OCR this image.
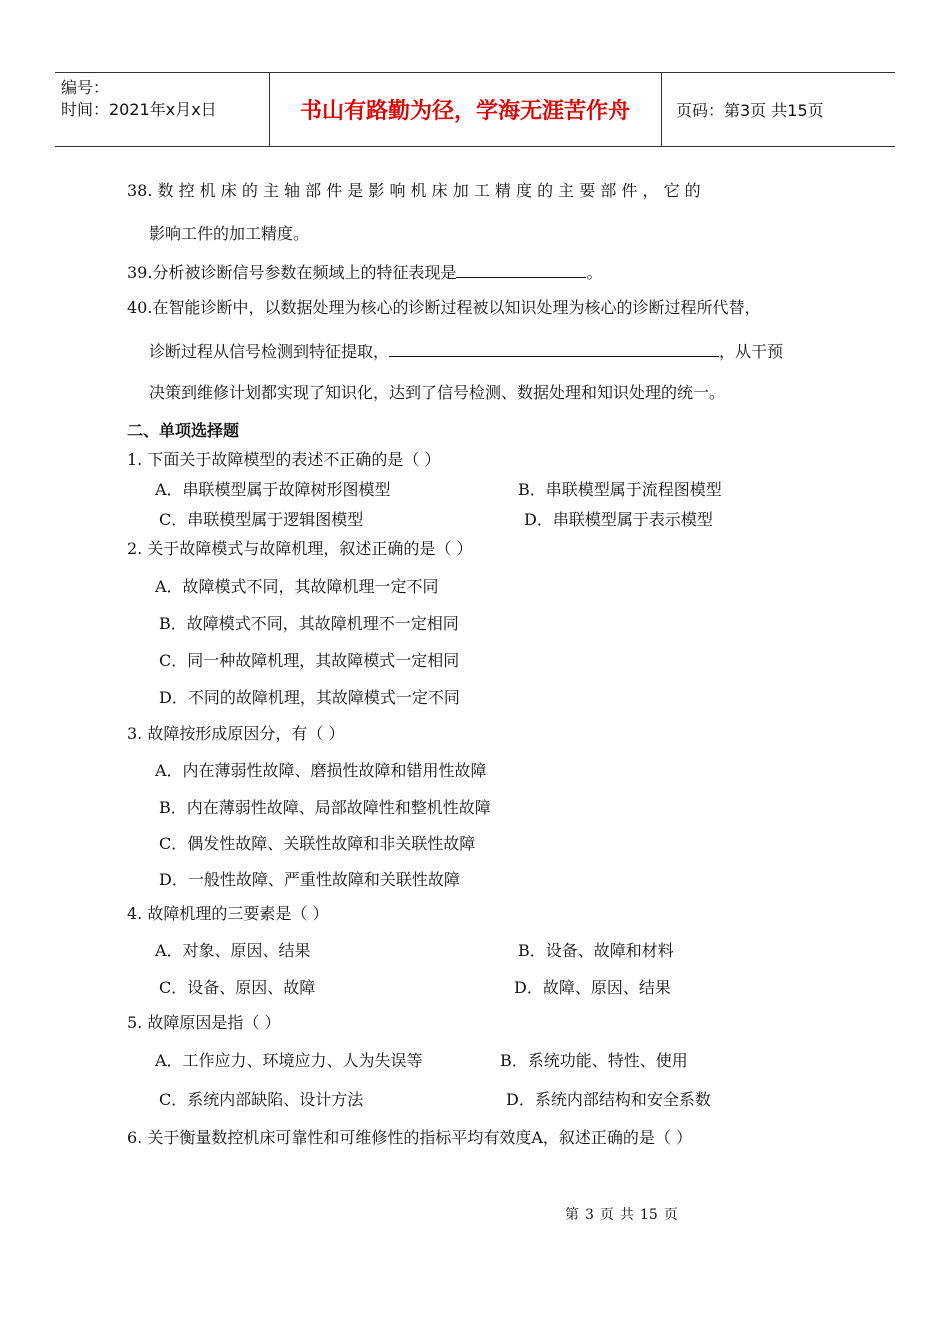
编号：
时间：2021年x月x日	书山有路勤为径，学海无涯苦作舟	页码：第3页 共15页
38. 数 控 机 床 的 主 轴 部 件 是 影 响 机 床 加 工 精 度 的 主 要 部 件 ， 它 的
影响工件的加工精度。
39.分析被诊断信号参数在频域上的特征表现是	。
40.在智能诊断中，以数据处理为核心的诊断过程被以知识处理为核心的诊断过程所代替，
诊断过程从信号检测到特征提取，	，从干预
决策到维修计划都实现了知识化，达到了信号检测、数据处理和知识处理的统一。
二、单项选择题
1. 下面关于故障模型的表述不正确的是（ ）
A．串联模型属于故障树形图模型	B．串联模型属于流程图模型
C．串联模型属于逻辑图模型	D．串联模型属于表示模型
2. 关于故障模式与故障机理，叙述正确的是（ ）
A．故障模式不同，其故障机理一定不同
B．故障模式不同，其故障机理不一定相同
C．同一种故障机理，其故障模式一定相同
D．不同的故障机理，其故障模式一定不同
3. 故障按形成原因分，有（ ）
A．内在薄弱性故障、磨损性故障和错用性故障
B．内在薄弱性故障、局部故障性和整机性故障
C．偶发性故障、关联性故障和非关联性故障
D．一般性故障、严重性故障和关联性故障
4. 故障机理的三要素是（ ）
A．对象、原因、结果	B．设备、故障和材料
C．设备、原因、故障	D．故障、原因、结果
5. 故障原因是指（ ）
A．工作应力、环境应力、人为失误等	B．系统功能、特性、使用
C．系统内部缺陷、设计方法	D．系统内部结构和安全系数
6. 关于衡量数控机床可靠性和可维修性的指标平均有效度A，叙述正确的是（ ）
第 3 页 共 15 页
